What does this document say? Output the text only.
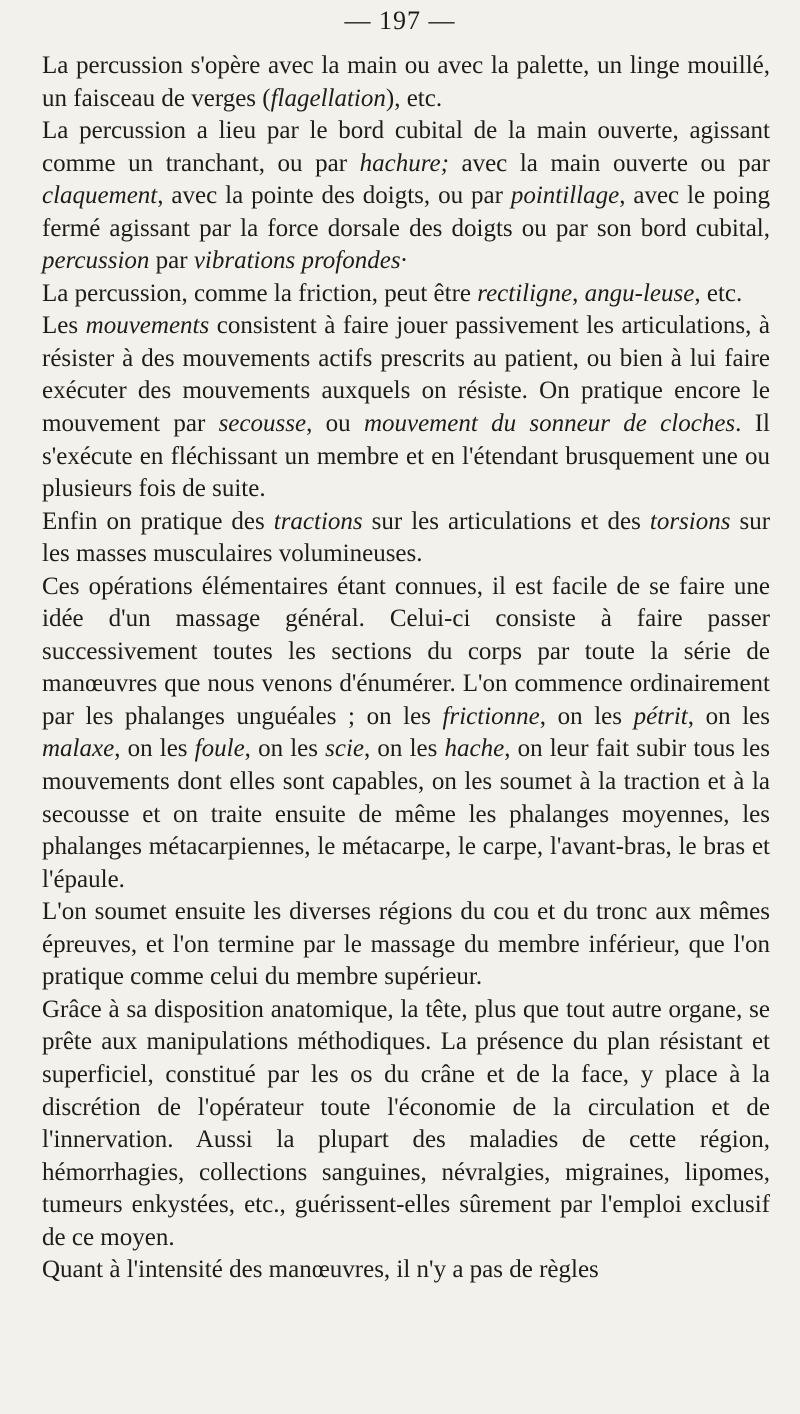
— 197 —

La percussion s'opère avec la main ou avec la palette, un linge mouillé, un faisceau de verges (flagellation), etc.

La percussion a lieu par le bord cubital de la main ouverte, agissant comme un tranchant, ou par hachure; avec la main ouverte ou par claquement, avec la pointe des doigts, ou par pointillage, avec le poing fermé agissant par la force dorsale des doigts ou par son bord cubital, percussion par vibrations profondes·

La percussion, comme la friction, peut être rectiligne, angu-leuse, etc.

Les mouvements consistent à faire jouer passivement les articulations, à résister à des mouvements actifs prescrits au patient, ou bien à lui faire exécuter des mouvements auxquels on résiste. On pratique encore le mouvement par secousse, ou mouvement du sonneur de cloches. Il s'exécute en fléchissant un membre et en l'étendant brusquement une ou plusieurs fois de suite.

Enfin on pratique des tractions sur les articulations et des torsions sur les masses musculaires volumineuses.

Ces opérations élémentaires étant connues, il est facile de se faire une idée d'un massage général. Celui-ci consiste à faire passer successivement toutes les sections du corps par toute la série de manœuvres que nous venons d'énumérer. L'on commence ordinairement par les phalanges unguéales ; on les frictionne, on les pétrit, on les malaxe, on les foule, on les scie, on les hache, on leur fait subir tous les mouvements dont elles sont capables, on les soumet à la traction et à la secousse et on traite ensuite de même les phalanges moyennes, les phalanges métacarpiennes, le métacarpe, le carpe, l'avant-bras, le bras et l'épaule.

L'on soumet ensuite les diverses régions du cou et du tronc aux mêmes épreuves, et l'on termine par le massage du membre inférieur, que l'on pratique comme celui du membre supérieur.

Grâce à sa disposition anatomique, la tête, plus que tout autre organe, se prête aux manipulations méthodiques. La présence du plan résistant et superficiel, constitué par les os du crâne et de la face, y place à la discrétion de l'opérateur toute l'économie de la circulation et de l'innervation. Aussi la plupart des maladies de cette région, hémorrhagies, collections sanguines, névralgies, migraines, lipomes, tumeurs enkystées, etc., guérissent-elles sûrement par l'emploi exclusif de ce moyen.

Quant à l'intensité des manœuvres, il n'y a pas de règles
